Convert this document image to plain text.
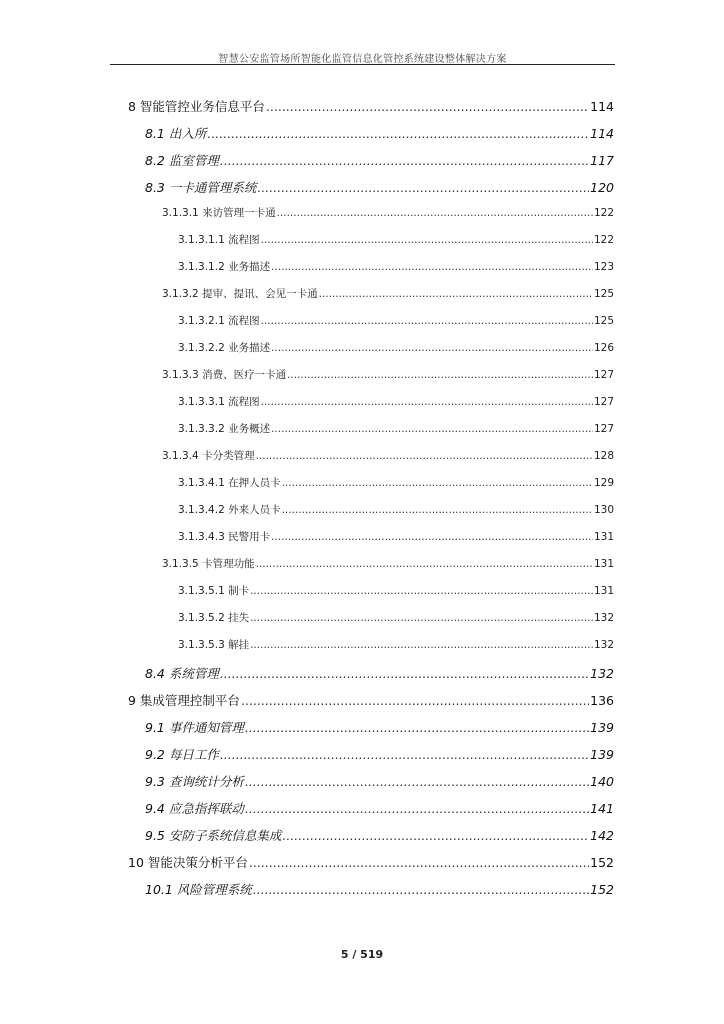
智慧公安监管场所智能化监管信息化管控系统建设整体解决方案
8 智能管控业务信息平台 .....	114
8.1 出入所 .....	114
8.2 监室管理 .....	117
8.3 一卡通管理系统 .....	120
3.1.3.1 来访管理一卡通 .....	122
3.1.3.1.1 流程图 .....	122
3.1.3.1.2 业务描述 .....	123
3.1.3.2 提审、提讯、会见一卡通 .....	125
3.1.3.2.1 流程图 .....	125
3.1.3.2.2 业务描述 .....	126
3.1.3.3 消费、医疗一卡通 .....	127
3.1.3.3.1 流程图 .....	127
3.1.3.3.2 业务概述 .....	127
3.1.3.4 卡分类管理 .....	128
3.1.3.4.1 在押人员卡 .....	129
3.1.3.4.2 外来人员卡 .....	130
3.1.3.4.3 民警用卡 .....	131
3.1.3.5 卡管理功能 .....	131
3.1.3.5.1 制卡 .....	131
3.1.3.5.2 挂失 .....	132
3.1.3.5.3 解挂 .....	132
8.4 系统管理 .....	132
9 集成管理控制平台 .....	136
9.1 事件通知管理 .....	139
9.2 每日工作 .....	139
9.3 查询统计分析 .....	140
9.4 应急指挥联动 .....	141
9.5 安防子系统信息集成 .....	142
10 智能决策分析平台 .....	152
10.1 风险管理系统 .....	152
5 / 519
